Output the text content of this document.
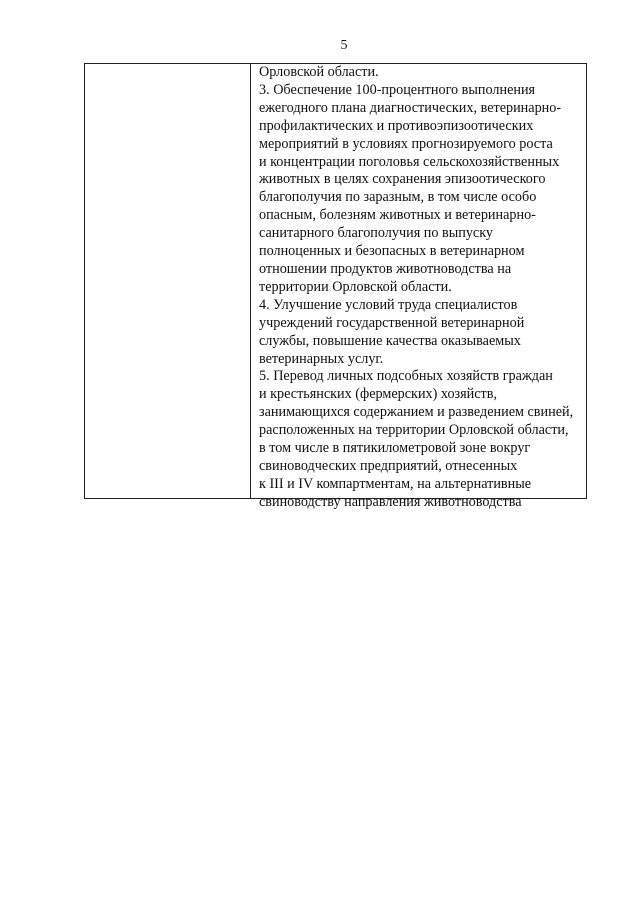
5
Орловской области.
3. Обеспечение 100-процентного выполнения
ежегодного плана диагностических, ветеринарно-
профилактических и противоэпизоотических
мероприятий в условиях прогнозируемого роста
и концентрации поголовья сельскохозяйственных
животных в целях сохранения эпизоотического
благополучия по заразным, в том числе особо
опасным, болезням животных и ветеринарно-
санитарного благополучия по выпуску
полноценных и безопасных в ветеринарном
отношении продуктов животноводства на
территории Орловской области.
4. Улучшение условий труда специалистов
учреждений государственной ветеринарной
службы, повышение качества оказываемых
ветеринарных услуг.
5. Перевод личных подсобных хозяйств граждан
и крестьянских (фермерских) хозяйств,
занимающихся содержанием и разведением свиней,
расположенных на территории Орловской области,
в том числе в пятикилометровой зоне вокруг
свиноводческих предприятий, отнесенных
к III и IV компартментам, на альтернативные
свиноводству направления животноводства
